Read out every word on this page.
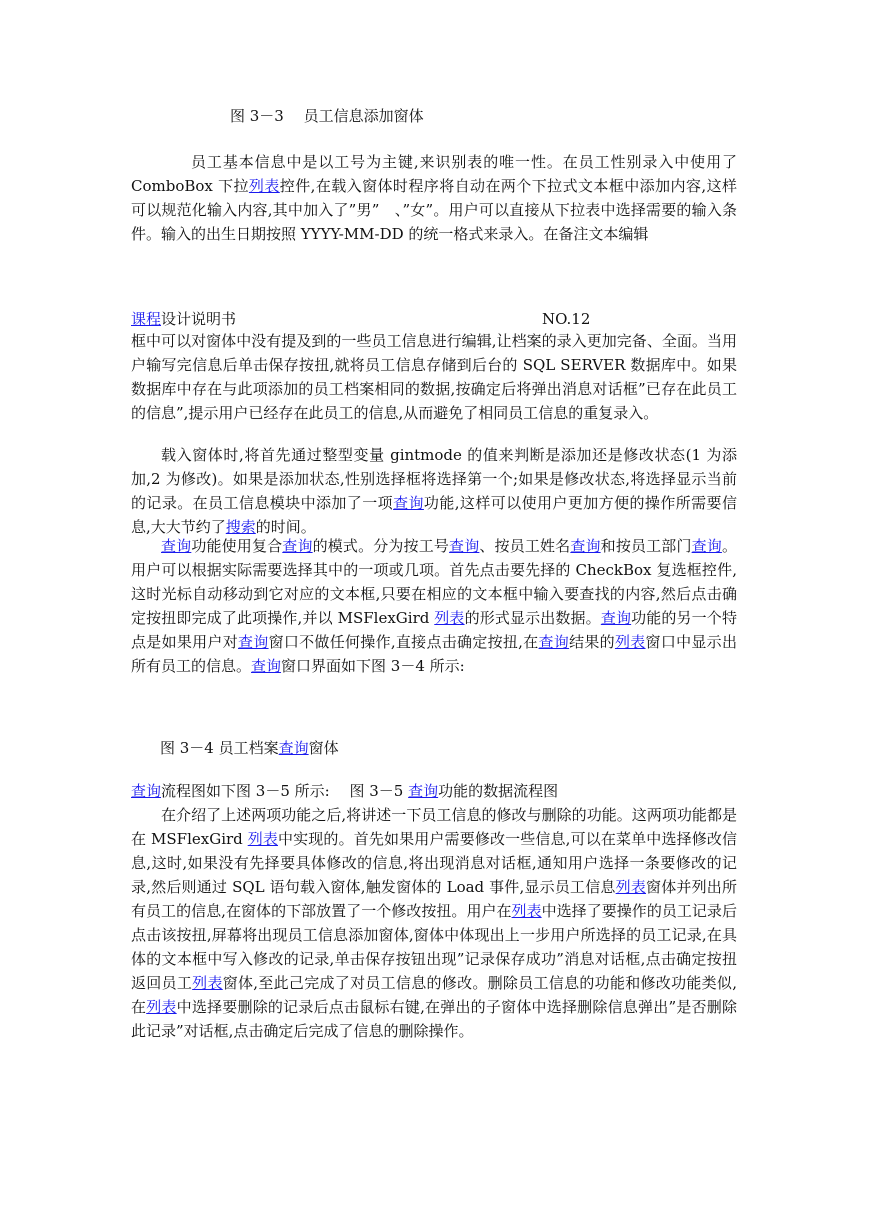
图 3－3　 员工信息添加窗体

员工基本信息中是以工号为主键,来识别表的唯一性。在员工性别录入中使用了 ComboBox 下拉列表控件,在载入窗体时程序将自动在两个下拉式文本框中添加内容,这样可以规范化输入内容,其中加入了”男”　、”女”。用户可以直接从下拉表中选择需要的输入条件。输入的出生日期按照 YYYY-MM-DD 的统一格式来录入。在备注文本编辑

课程设计说明书	NO.12

框中可以对窗体中没有提及到的一些员工信息进行编辑,让档案的录入更加完备、全面。当用户输写完信息后单击保存按扭,就将员工信息存储到后台的 SQL SERVER 数据库中。如果数据库中存在与此项添加的员工档案相同的数据,按确定后将弹出消息对话框”已存在此员工的信息”,提示用户已经存在此员工的信息,从而避免了相同员工信息的重复录入。

载入窗体时,将首先通过整型变量 gintmode 的值来判断是添加还是修改状态(1 为添加,2 为修改)。如果是添加状态,性别选择框将选择第一个;如果是修改状态,将选择显示当前的记录。在员工信息模块中添加了一项查询功能,这样可以使用户更加方便的操作所需要信息,大大节约了搜索的时间。

查询功能使用复合查询的模式。分为按工号查询、按员工姓名查询和按员工部门查询。用户可以根据实际需要选择其中的一项或几项。首先点击要先择的 CheckBox 复选框控件,这时光标自动移动到它对应的文本框,只要在相应的文本框中输入要查找的内容,然后点击确定按扭即完成了此项操作,并以 MSFlexGird 列表的形式显示出数据。查询功能的另一个特点是如果用户对查询窗口不做任何操作,直接点击确定按扭,在查询结果的列表窗口中显示出所有员工的信息。查询窗口界面如下图 3－4 所示:

图 3－4 员工档案查询窗体
查询流程图如下图 3－5 所示:　 图 3－5 查询功能的数据流程图

在介绍了上述两项功能之后,将讲述一下员工信息的修改与删除的功能。这两项功能都是在 MSFlexGird 列表中实现的。首先如果用户需要修改一些信息,可以在菜单中选择修改信息,这时,如果没有先择要具体修改的信息,将出现消息对话框,通知用户选择一条要修改的记录,然后则通过 SQL 语句载入窗体,触发窗体的 Load 事件,显示员工信息列表窗体并列出所有员工的信息,在窗体的下部放置了一个修改按扭。用户在列表中选择了要操作的员工记录后点击该按扭,屏幕将出现员工信息添加窗体,窗体中体现出上一步用户所选择的员工记录,在具体的文本框中写入修改的记录,单击保存按钮出现”记录保存成功”消息对话框,点击确定按扭返回员工列表窗体,至此己完成了对员工信息的修改。删除员工信息的功能和修改功能类似,在列表中选择要删除的记录后点击鼠标右键,在弹出的子窗体中选择删除信息弹出”是否删除此记录”对话框,点击确定后完成了信息的删除操作。
